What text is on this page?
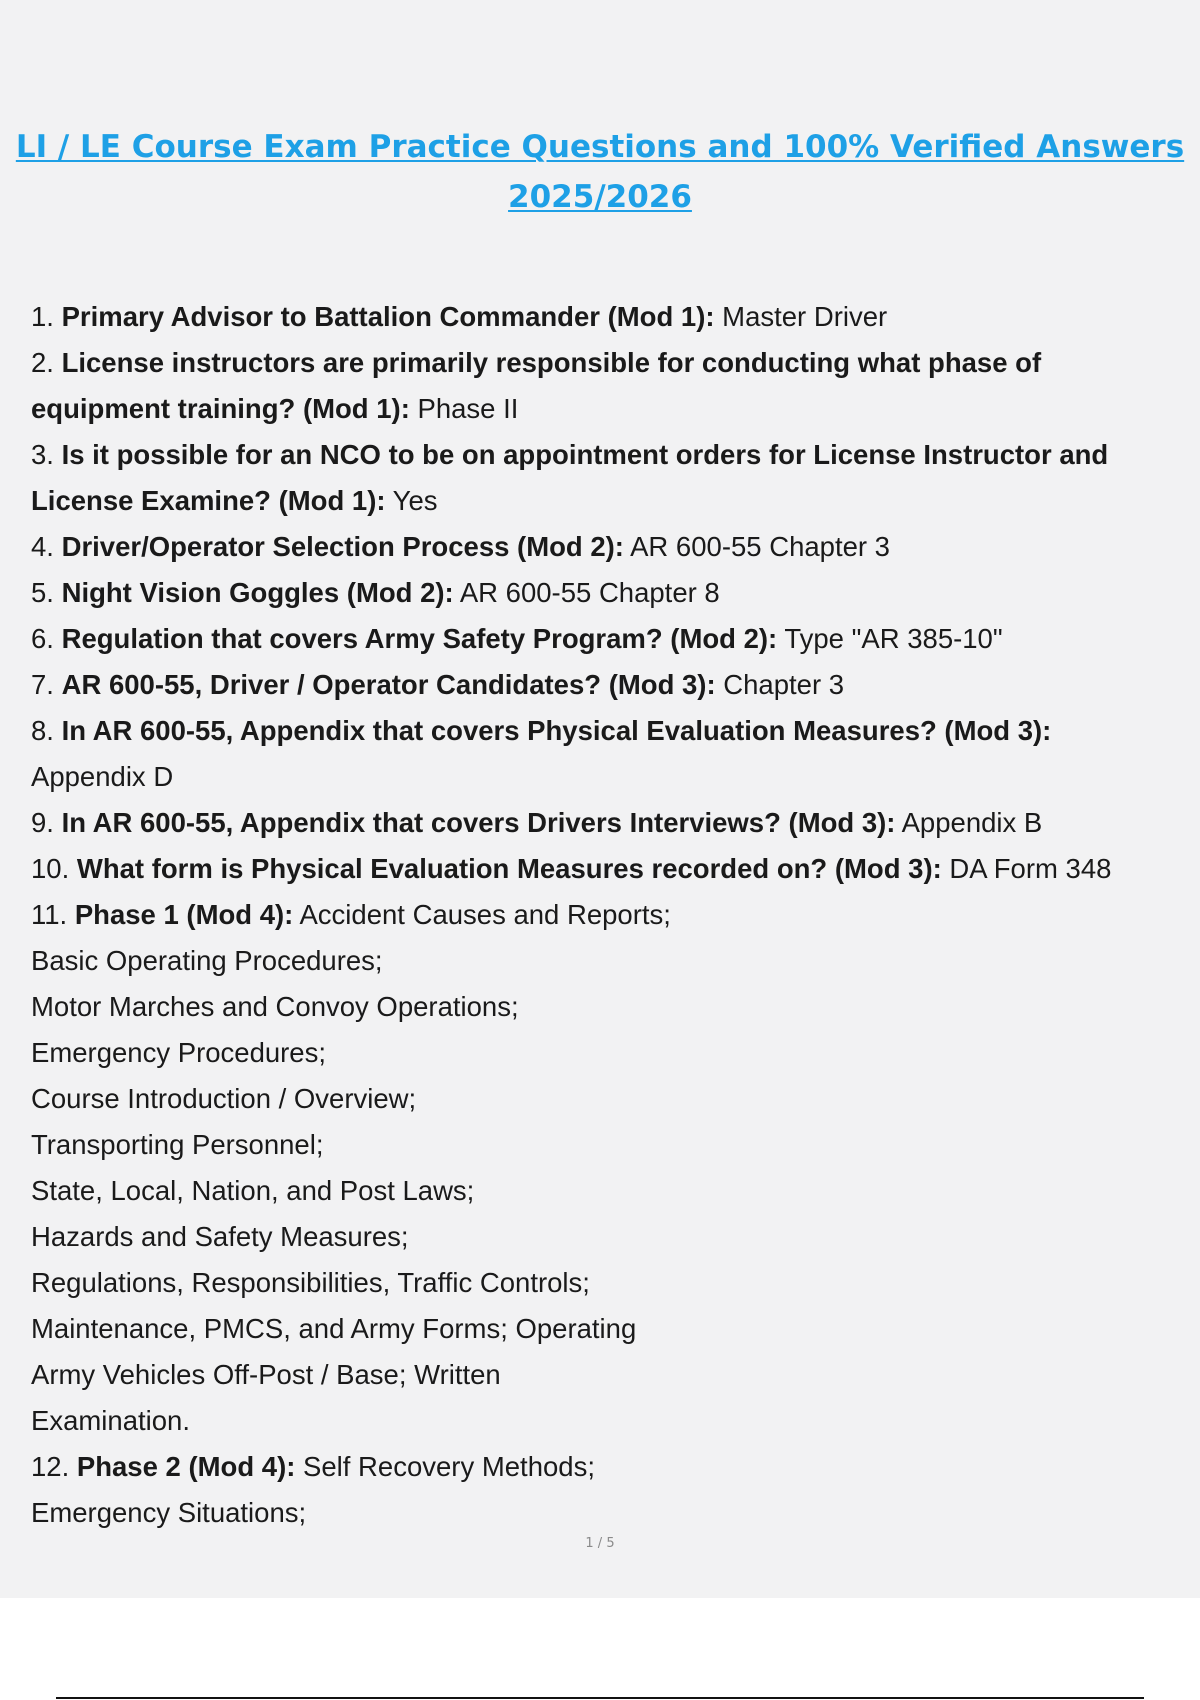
LI / LE Course Exam Practice Questions and 100% Verified Answers
2025/2026
1. Primary Advisor to Battalion Commander (Mod 1): Master Driver
2. License instructors are primarily responsible for conducting what phase of
equipment training? (Mod 1): Phase II
3. Is it possible for an NCO to be on appointment orders for License Instructor and
License Examine? (Mod 1): Yes
4. Driver/Operator Selection Process (Mod 2): AR 600-55 Chapter 3
5. Night Vision Goggles (Mod 2): AR 600-55 Chapter 8
6. Regulation that covers Army Safety Program? (Mod 2): Type "AR 385-10"
7. AR 600-55, Driver / Operator Candidates? (Mod 3): Chapter 3
8. In AR 600-55, Appendix that covers Physical Evaluation Measures? (Mod 3):
Appendix D
9. In AR 600-55, Appendix that covers Drivers Interviews? (Mod 3): Appendix B
10. What form is Physical Evaluation Measures recorded on? (Mod 3): DA Form 348
11. Phase 1 (Mod 4): Accident Causes and Reports;
Basic Operating Procedures;
Motor Marches and Convoy Operations;
Emergency Procedures;
Course Introduction / Overview;
Transporting Personnel;
State, Local, Nation, and Post Laws;
Hazards and Safety Measures;
Regulations, Responsibilities, Traffic Controls;
Maintenance, PMCS, and Army Forms; Operating
Army Vehicles Off-Post / Base; Written
Examination.
12. Phase 2 (Mod 4): Self Recovery Methods;
Emergency Situations;
1 / 5
